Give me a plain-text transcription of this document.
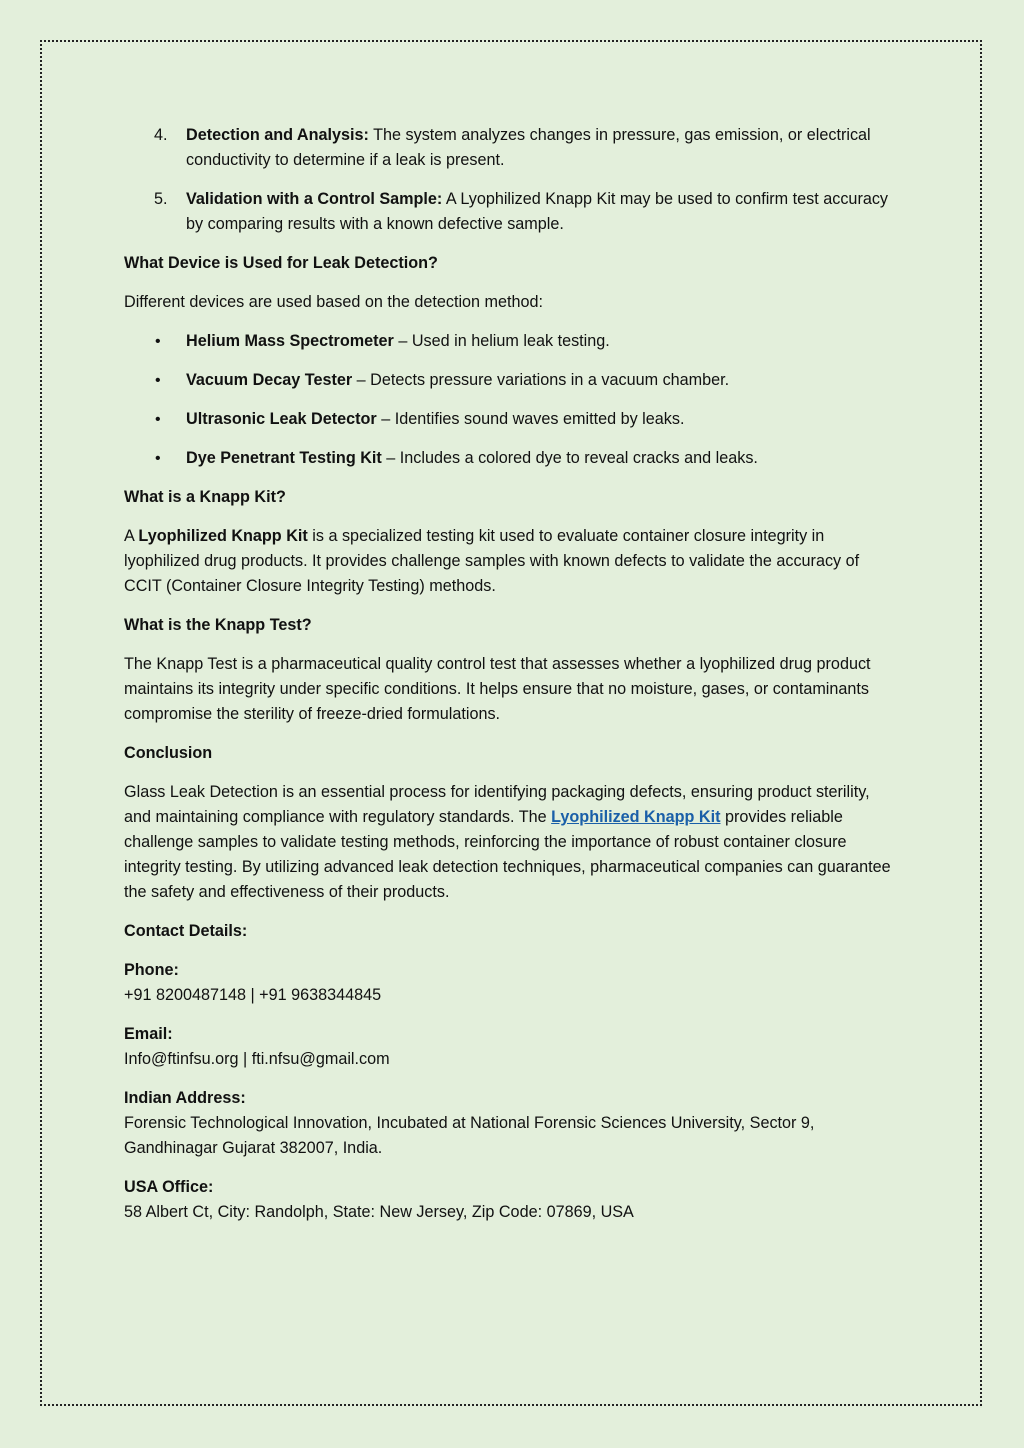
4. Detection and Analysis: The system analyzes changes in pressure, gas emission, or electrical conductivity to determine if a leak is present.
5. Validation with a Control Sample: A Lyophilized Knapp Kit may be used to confirm test accuracy by comparing results with a known defective sample.
What Device is Used for Leak Detection?

Different devices are used based on the detection method:

• Helium Mass Spectrometer – Used in helium leak testing.
• Vacuum Decay Tester – Detects pressure variations in a vacuum chamber.
• Ultrasonic Leak Detector – Identifies sound waves emitted by leaks.
• Dye Penetrant Testing Kit – Includes a colored dye to reveal cracks and leaks.
What is a Knapp Kit?

A Lyophilized Knapp Kit is a specialized testing kit used to evaluate container closure integrity in lyophilized drug products. It provides challenge samples with known defects to validate the accuracy of CCIT (Container Closure Integrity Testing) methods.

What is the Knapp Test?

The Knapp Test is a pharmaceutical quality control test that assesses whether a lyophilized drug product maintains its integrity under specific conditions. It helps ensure that no moisture, gases, or contaminants compromise the sterility of freeze-dried formulations.

Conclusion

Glass Leak Detection is an essential process for identifying packaging defects, ensuring product sterility, and maintaining compliance with regulatory standards. The Lyophilized Knapp Kit provides reliable challenge samples to validate testing methods, reinforcing the importance of robust container closure integrity testing. By utilizing advanced leak detection techniques, pharmaceutical companies can guarantee the safety and effectiveness of their products.

Contact Details:
Phone:
+91 8200487148 | +91 9638344845
Email:
Info@ftinfsu.org | fti.nfsu@gmail.com
Indian Address:
Forensic Technological Innovation, Incubated at National Forensic Sciences University, Sector 9, Gandhinagar Gujarat 382007, India.
USA Office:
58 Albert Ct, City: Randolph, State: New Jersey, Zip Code: 07869, USA
